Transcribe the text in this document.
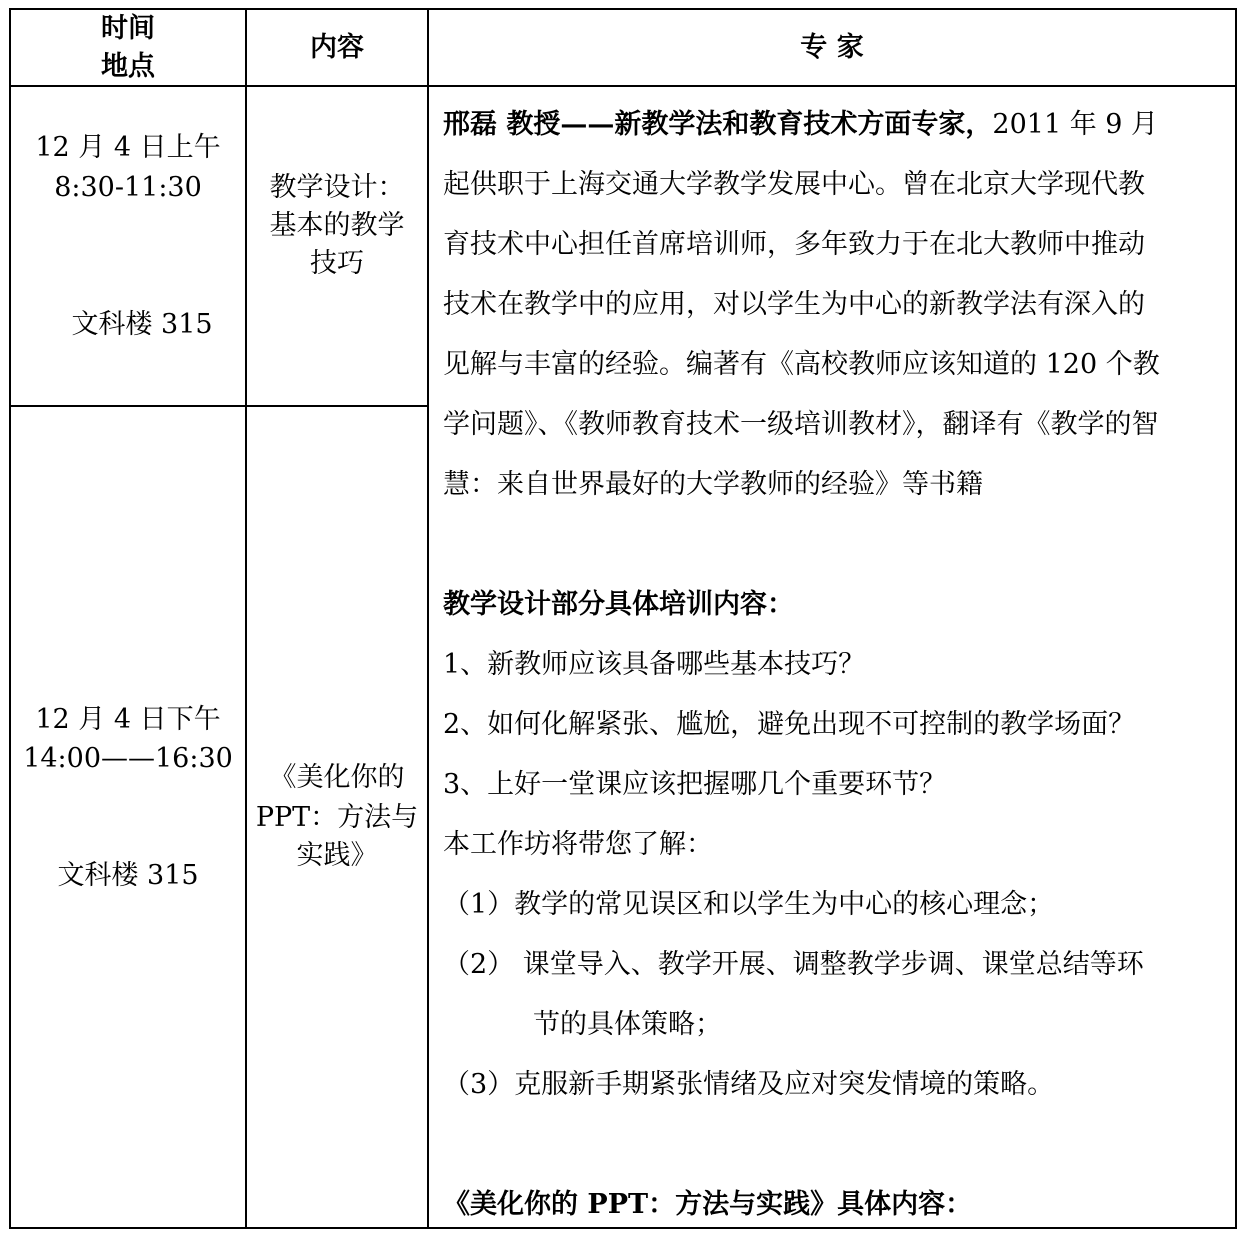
时间
地点
内容	专 家
12 月 4 日上午
8:30-11:30
文科楼 315
教学设计：
基本的教学
技巧
12 月 4 日下午
14:00——16:30
文科楼 315
《美化你的
PPT：方法与
实践》
邢磊 教授——新教学法和教育技术方面专家，2011 年 9 月
起供职于上海交通大学教学发展中心。曾在北京大学现代教
育技术中心担任首席培训师，多年致力于在北大教师中推动
技术在教学中的应用，对以学生为中心的新教学法有深入的
见解与丰富的经验。编著有《高校教师应该知道的 120 个教
学问题》、《教师教育技术一级培训教材》，翻译有《教学的智
慧：来自世界最好的大学教师的经验》等书籍
教学设计部分具体培训内容：
1、新教师应该具备哪些基本技巧？
2、如何化解紧张、尴尬，避免出现不可控制的教学场面？
3、上好一堂课应该把握哪几个重要环节？
本工作坊将带您了解：
（1）教学的常见误区和以学生为中心的核心理念；
（2） 课堂导入、教学开展、调整教学步调、课堂总结等环
节的具体策略；
（3）克服新手期紧张情绪及应对突发情境的策略。
《美化你的 PPT：方法与实践》具体内容：
